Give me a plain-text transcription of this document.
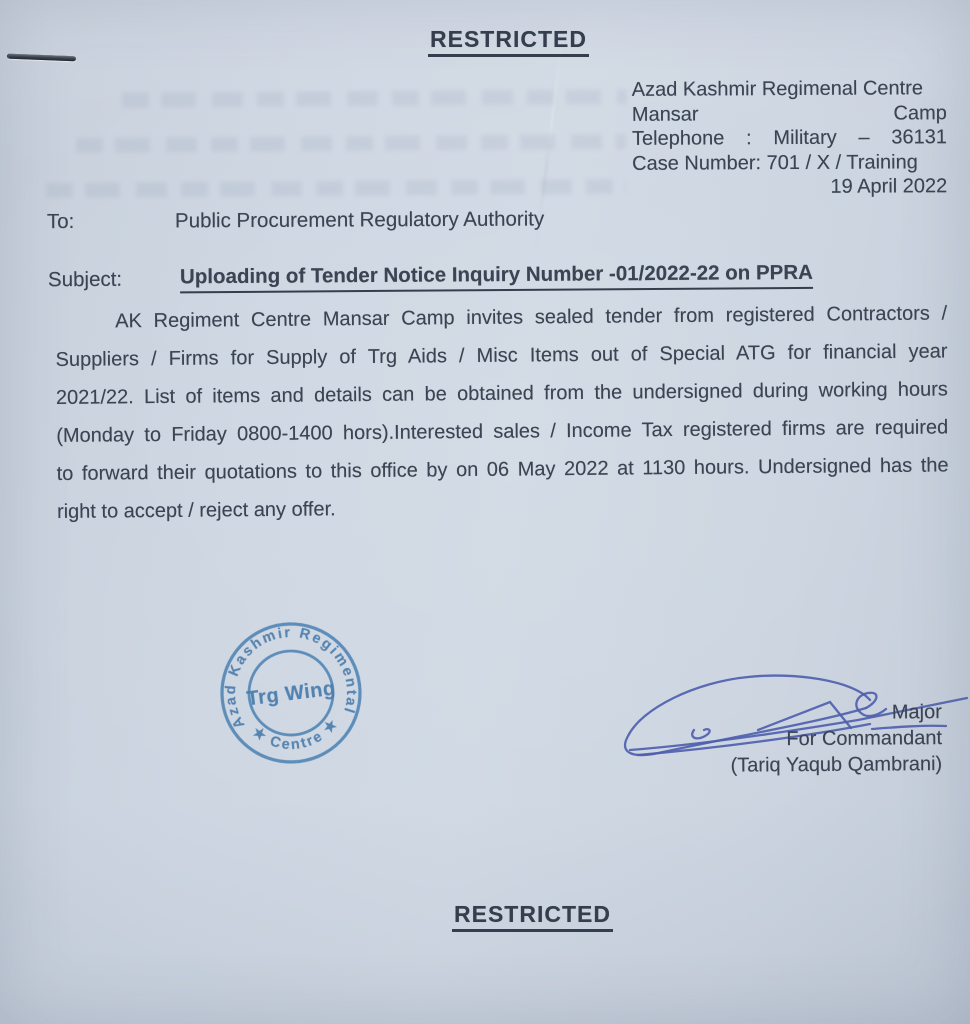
RESTRICTED
Azad Kashmir Regimenal Centre
Mansar	Camp
Telephone : Military – 36131
Case Number: 701 / X / Training
19 April 2022
To:	Public Procurement Regulatory Authority
Subject:	Uploading of Tender Notice Inquiry Number -01/2022-22 on PPRA
AK Regiment Centre Mansar Camp invites sealed tender from registered Contractors /
Suppliers / Firms for Supply of Trg Aids / Misc Items out of Special ATG for financial year
2021/22. List of items and details can be obtained from the undersigned during working hours
(Monday to Friday 0800-1400 hors).Interested sales / Income Tax registered firms are required
to forward their quotations to this office by on 06 May 2022 at 1130 hours. Undersigned has the
right to accept / reject any offer.
Azad Kashmir Regimental
★ Centre ★
Trg Wing
Major
For Commandant
(Tariq Yaqub Qambrani)
RESTRICTED
